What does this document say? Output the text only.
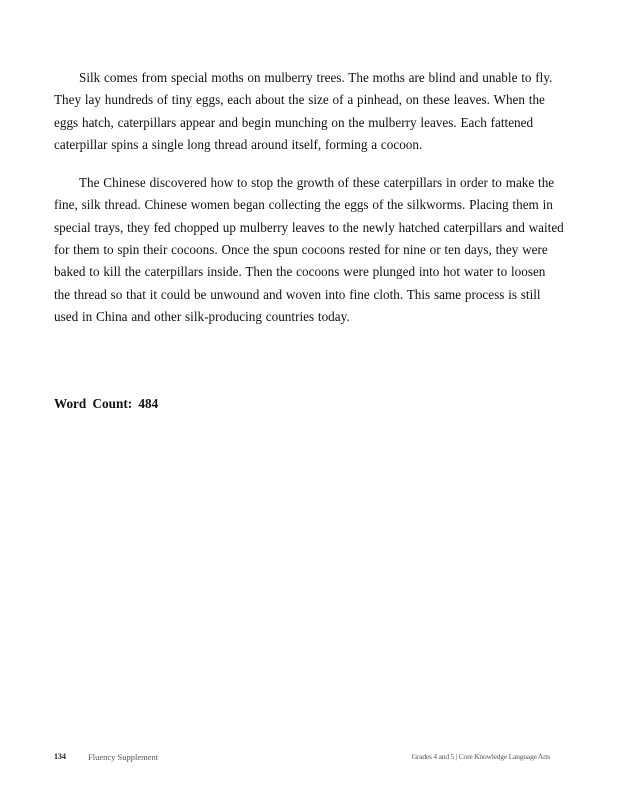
Silk comes from special moths on mulberry trees. The moths are blind and unable to fly. They lay hundreds of tiny eggs, each about the size of a pinhead, on these leaves. When the eggs hatch, caterpillars appear and begin munching on the mulberry leaves. Each fattened caterpillar spins a single long thread around itself, forming a cocoon.

The Chinese discovered how to stop the growth of these caterpillars in order to make the fine, silk thread. Chinese women began collecting the eggs of the silkworms. Placing them in special trays, they fed chopped up mulberry leaves to the newly hatched caterpillars and waited for them to spin their cocoons. Once the spun cocoons rested for nine or ten days, they were baked to kill the caterpillars inside. Then the cocoons were plunged into hot water to loosen the thread so that it could be unwound and woven into fine cloth. This same process is still used in China and other silk-producing countries today.

Word Count: 484
134	Fluency Supplement	Grades 4 and 5 | Core Knowledge Language Arts
